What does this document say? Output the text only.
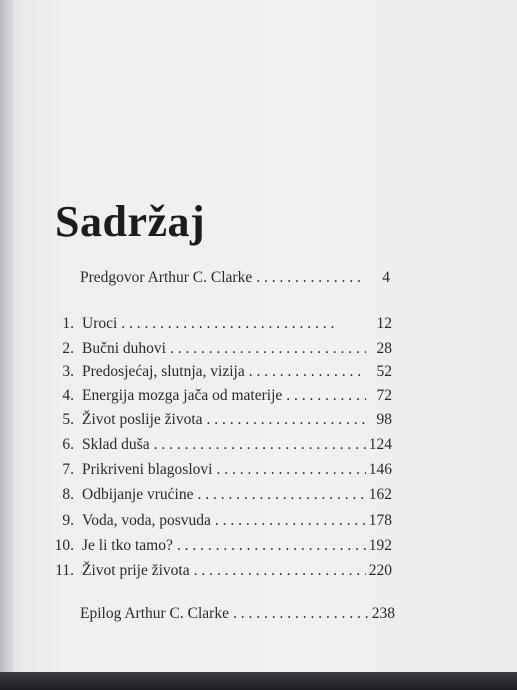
Sadržaj
Predgovor Arthur C. Clarke . .	4
1. Uroci . .	12
2. Bučni duhovi . .	28
3. Predosjećaj, slutnja, vizija . .	52
4. Energija mozga jača od materije . .	72
5. Život poslije života . .	98
6. Sklad duša . .	124
7. Prikriveni blagoslovi . .	146
8. Odbijanje vrućine . .	162
9. Voda, voda, posvuda . .	178
10. Je li tko tamo? . .	192
11. Život prije života . .	220
Epilog Arthur C. Clarke . .	238
